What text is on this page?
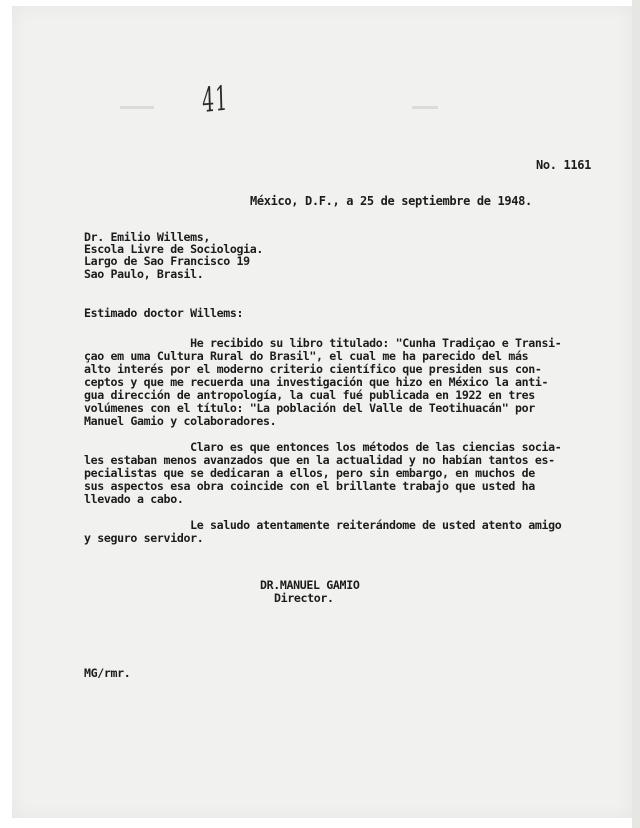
41
No. 1161
México, D.F., a 25 de septiembre de 1948.
Dr. Emilio Willems,
Escola Livre de Sociologia.
Largo de Sao Francisco 19
Sao Paulo, Brasil.
Estimado doctor Willems:
He recibido su libro titulado: "Cunha Tradiçao e Transi-
çao em uma Cultura Rural do Brasil", el cual me ha parecido del más
alto interés por el moderno criterio científico que presiden sus con-
ceptos y que me recuerda una investigación que hizo en México la anti-
gua dirección de antropología, la cual fué publicada en 1922 en tres
volúmenes con el título: "La población del Valle de Teotihuacán" por
Manuel Gamio y colaboradores.
Claro es que entonces los métodos de las ciencias socia-
les estaban menos avanzados que en la actualidad y no habían tantos es-
pecialistas que se dedicaran a ellos, pero sin embargo, en muchos de
sus aspectos esa obra coincide con el brillante trabajo que usted ha
llevado a cabo.
Le saludo atentamente reiterándome de usted atento amigo
y seguro servidor.
DR.MANUEL GAMIO
Director.
MG/rmr.
